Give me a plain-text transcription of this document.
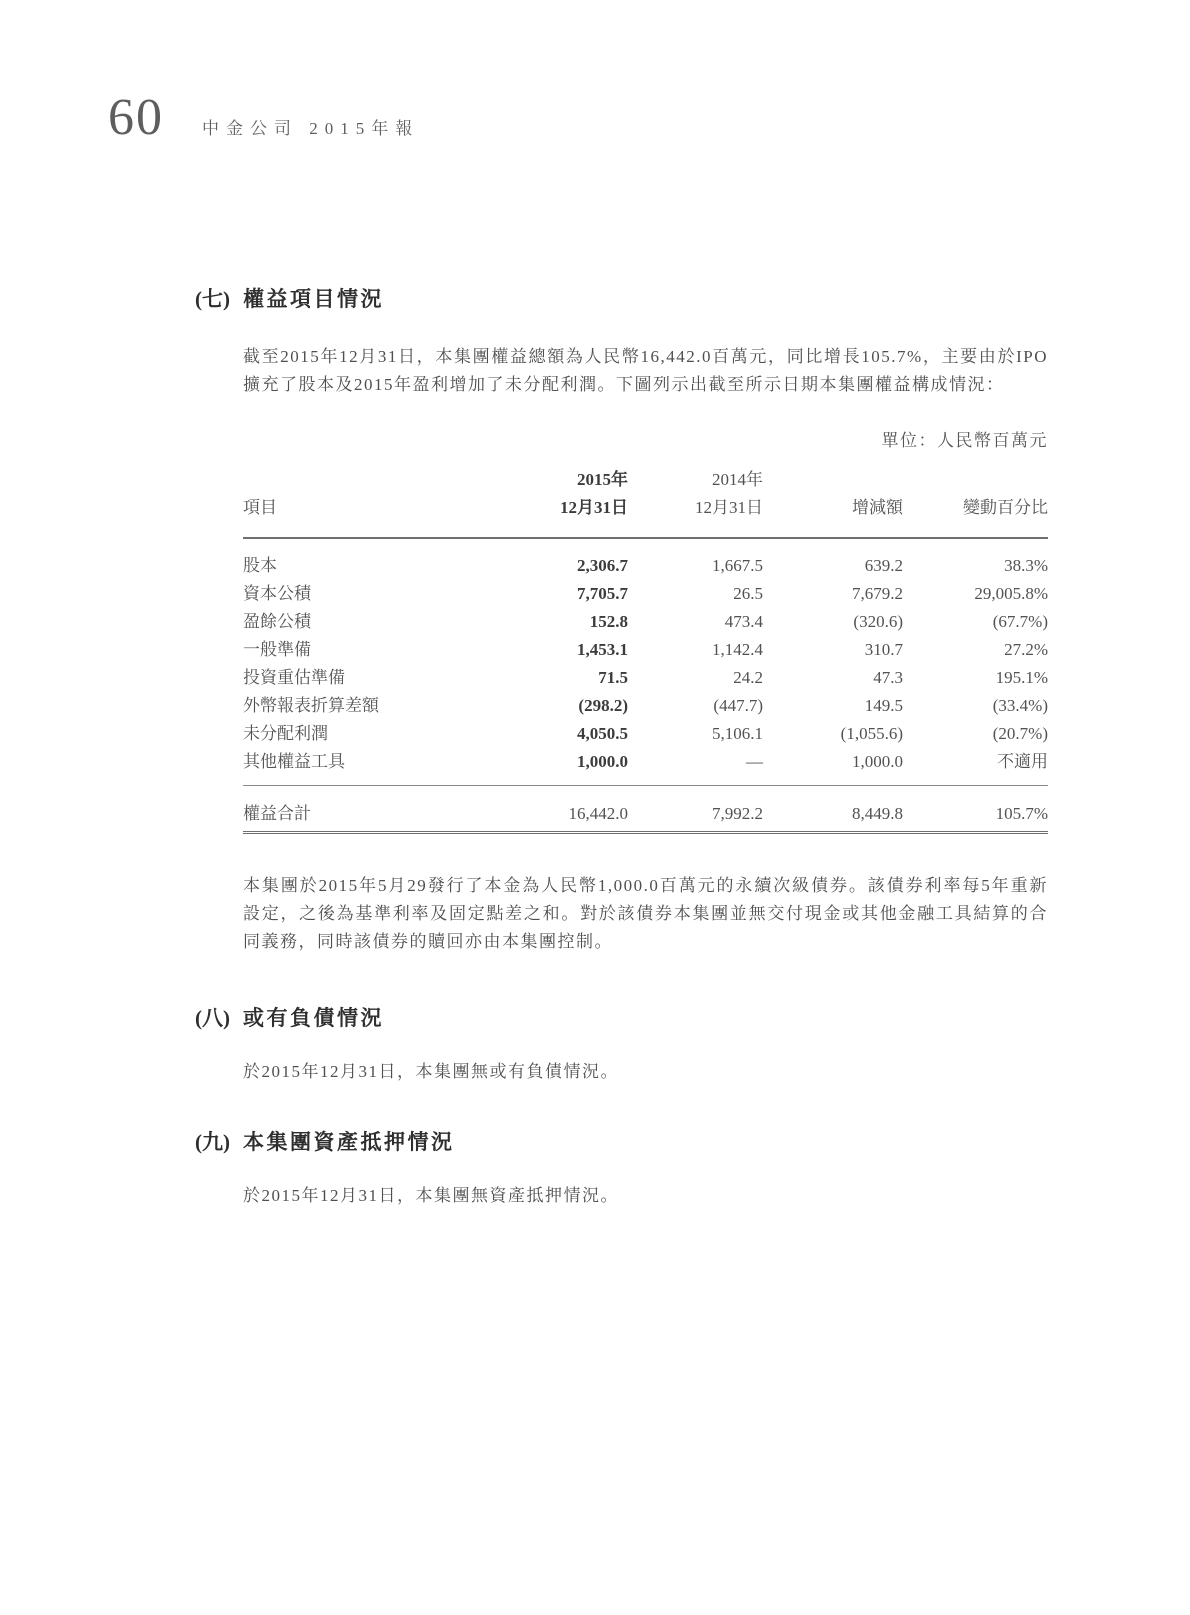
60 中金公司 2015年報
(七) 權益項目情況

截至2015年12月31日，本集團權益總額為人民幣16,442.0百萬元，同比增長105.7%，主要由於IPO擴充了股本及2015年盈利增加了未分配利潤。下圖列示出截至所示日期本集團權益構成情況：

單位：人民幣百萬元
	2015年	2014年		
項目	12月31日	12月31日	增減額	變動百分比
股本	2,306.7	1,667.5	639.2	38.3%
資本公積	7,705.7	26.5	7,679.2	29,005.8%
盈餘公積	152.8	473.4	(320.6)	(67.7%)
一般準備	1,453.1	1,142.4	310.7	27.2%
投資重估準備	71.5	24.2	47.3	195.1%
外幣報表折算差額	(298.2)	(447.7)	149.5	(33.4%)
未分配利潤	4,050.5	5,106.1	(1,055.6)	(20.7%)
其他權益工具	1,000.0	—	1,000.0	不適用
權益合計	16,442.0	7,992.2	8,449.8	105.7%

本集團於2015年5月29發行了本金為人民幣1,000.0百萬元的永續次級債券。該債券利率每5年重新設定，之後為基準利率及固定點差之和。對於該債券本集團並無交付現金或其他金融工具結算的合同義務，同時該債券的贖回亦由本集團控制。

(八) 或有負債情況

於2015年12月31日，本集團無或有負債情況。

(九) 本集團資產抵押情況

於2015年12月31日，本集團無資產抵押情況。
